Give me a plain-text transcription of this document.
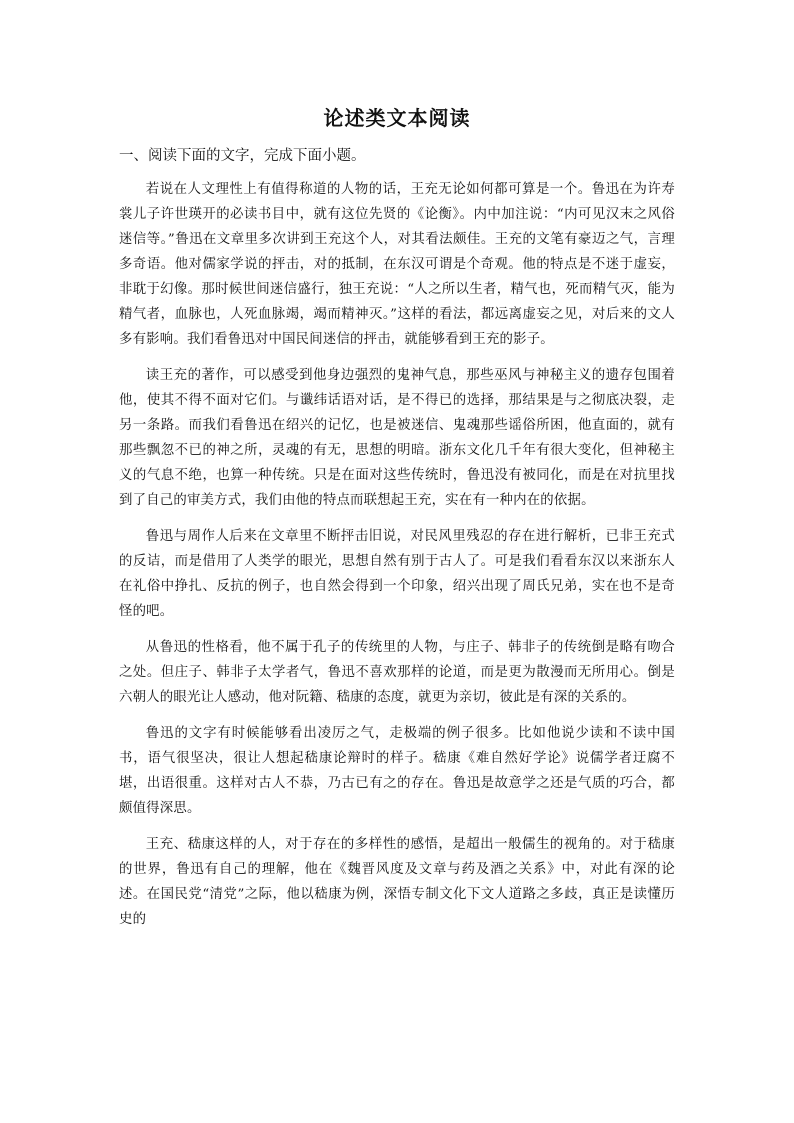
论述类文本阅读
一、阅读下面的文字，完成下面小题。

若说在人文理性上有值得称道的人物的话，王充无论如何都可算是一个。鲁迅在为许寿裳儿子许世瑛开的必读书目中，就有这位先贤的《论衡》。内中加注说：“内可见汉末之风俗迷信等。”鲁迅在文章里多次讲到王充这个人，对其看法颇佳。王充的文笔有豪迈之气，言理多奇语。他对儒家学说的抨击，对的抵制，在东汉可谓是个奇观。他的特点是不迷于虚妄，非耽于幻像。那时候世间迷信盛行，独王充说：“人之所以生者，精气也，死而精气灭，能为精气者，血脉也，人死血脉竭，竭而精神灭。”这样的看法，都远离虚妄之见，对后来的文人多有影响。我们看鲁迅对中国民间迷信的抨击，就能够看到王充的影子。

读王充的著作，可以感受到他身边强烈的鬼神气息，那些巫风与神秘主义的遗存包围着他，使其不得不面对它们。与谶纬话语对话，是不得已的选择，那结果是与之彻底决裂，走另一条路。而我们看鲁迅在绍兴的记忆，也是被迷信、鬼魂那些谣俗所困，他直面的，就有那些飘忽不已的神之所，灵魂的有无，思想的明暗。浙东文化几千年有很大变化，但神秘主义的气息不绝，也算一种传统。只是在面对这些传统时，鲁迅没有被同化，而是在对抗里找到了自己的审美方式，我们由他的特点而联想起王充，实在有一种内在的依据。

鲁迅与周作人后来在文章里不断抨击旧说，对民风里残忍的存在进行解析，已非王充式的反诘，而是借用了人类学的眼光，思想自然有别于古人了。可是我们看看东汉以来浙东人在礼俗中挣扎、反抗的例子，也自然会得到一个印象，绍兴出现了周氏兄弟，实在也不是奇怪的吧。

从鲁迅的性格看，他不属于孔子的传统里的人物，与庄子、韩非子的传统倒是略有吻合之处。但庄子、韩非子太学者气，鲁迅不喜欢那样的论道，而是更为散漫而无所用心。倒是六朝人的眼光让人感动，他对阮籍、嵇康的态度，就更为亲切，彼此是有深的关系的。

鲁迅的文字有时候能够看出凌厉之气，走极端的例子很多。比如他说少读和不读中国书，语气很坚决，很让人想起嵇康论辩时的样子。嵇康《难自然好学论》说儒学者迂腐不堪，出语很重。这样对古人不恭，乃古已有之的存在。鲁迅是故意学之还是气质的巧合，都颇值得深思。

王充、嵇康这样的人，对于存在的多样性的感悟，是超出一般儒生的视角的。对于嵇康的世界，鲁迅有自己的理解，他在《魏晋风度及文章与药及酒之关系》中，对此有深的论述。在国民党“清党”之际，他以嵇康为例，深悟专制文化下文人道路之多歧，真正是读懂历史的
